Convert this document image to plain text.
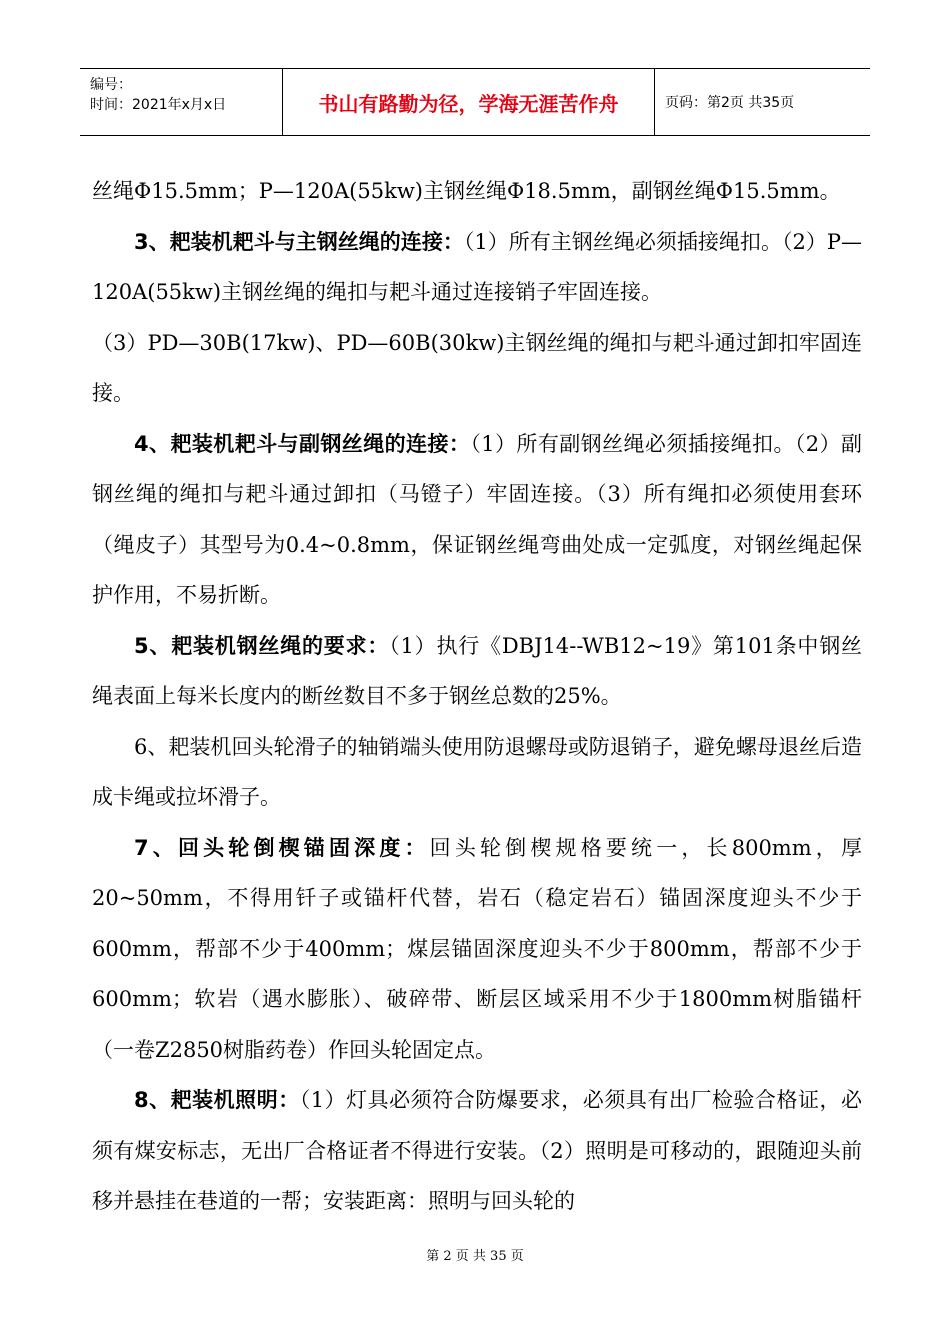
编号：
时间：2021年x月x日	书山有路勤为径，学海无涯苦作舟	页码：第2页 共35页

丝绳Φ15.5mm；P—120A(55kw)主钢丝绳Φ18.5mm，副钢丝绳Φ15.5mm。

3、耙装机耙斗与主钢丝绳的连接：（1）所有主钢丝绳必须插接绳扣。（2）P—120A(55kw)主钢丝绳的绳扣与耙斗通过连接销子牢固连接。

（3）PD—30B(17kw)、PD—60B(30kw)主钢丝绳的绳扣与耙斗通过卸扣牢固连接。

4、耙装机耙斗与副钢丝绳的连接：（1）所有副钢丝绳必须插接绳扣。（2）副钢丝绳的绳扣与耙斗通过卸扣（马镫子）牢固连接。（3）所有绳扣必须使用套环（绳皮子）其型号为0.4~0.8mm，保证钢丝绳弯曲处成一定弧度，对钢丝绳起保护作用，不易折断。

5、耙装机钢丝绳的要求：（1）执行《DBJ14--WB12~19》第101条中钢丝绳表面上每米长度内的断丝数目不多于钢丝总数的25%。

6、耙装机回头轮滑子的轴销端头使用防退螺母或防退销子，避免螺母退丝后造成卡绳或拉坏滑子。

7、回头轮倒楔锚固深度：回头轮倒楔规格要统一，长800mm，厚20~50mm，不得用钎子或锚杆代替，岩石（稳定岩石）锚固深度迎头不少于600mm，帮部不少于400mm；煤层锚固深度迎头不少于800mm，帮部不少于600mm；软岩（遇水膨胀）、破碎带、断层区域采用不少于1800mm树脂锚杆（一卷Z2850树脂药卷）作回头轮固定点。

8、耙装机照明：（1）灯具必须符合防爆要求，必须具有出厂检验合格证，必须有煤安标志，无出厂合格证者不得进行安装。（2）照明是可移动的，跟随迎头前移并悬挂在巷道的一帮；安装距离：照明与回头轮的

第 2 页 共 35 页
